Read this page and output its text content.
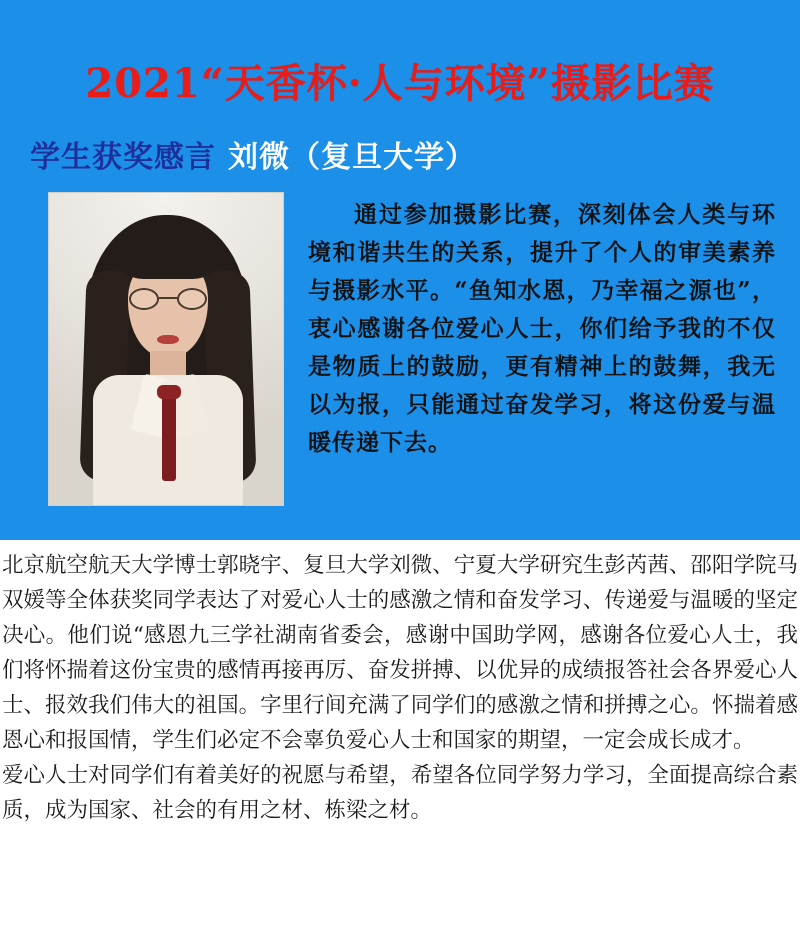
2021“天香杯·人与环境”摄影比赛
学生获奖感言 刘微（复旦大学）
通过参加摄影比赛，深刻体会人类与环境和谐共生的关系，提升了个人的审美素养与摄影水平。“鱼知水恩，乃幸福之源也”，衷心感谢各位爱心人士，你们给予我的不仅是物质上的鼓励，更有精神上的鼓舞，我无以为报，只能通过奋发学习，将这份爱与温暖传递下去。

北京航空航天大学博士郭晓宇、复旦大学刘微、宁夏大学研究生彭芮茜、邵阳学院马双媛等全体获奖同学表达了对爱心人士的感激之情和奋发学习、传递爱与温暖的坚定决心。他们说“感恩九三学社湖南省委会，感谢中国助学网，感谢各位爱心人士，我们将怀揣着这份宝贵的感情再接再厉、奋发拼搏、以优异的成绩报答社会各界爱心人士、报效我们伟大的祖国。字里行间充满了同学们的感激之情和拼搏之心。怀揣着感恩心和报国情，学生们必定不会辜负爱心人士和国家的期望，一定会成长成才。

爱心人士对同学们有着美好的祝愿与希望，希望各位同学努力学习，全面提高综合素质，成为国家、社会的有用之材、栋梁之材。
